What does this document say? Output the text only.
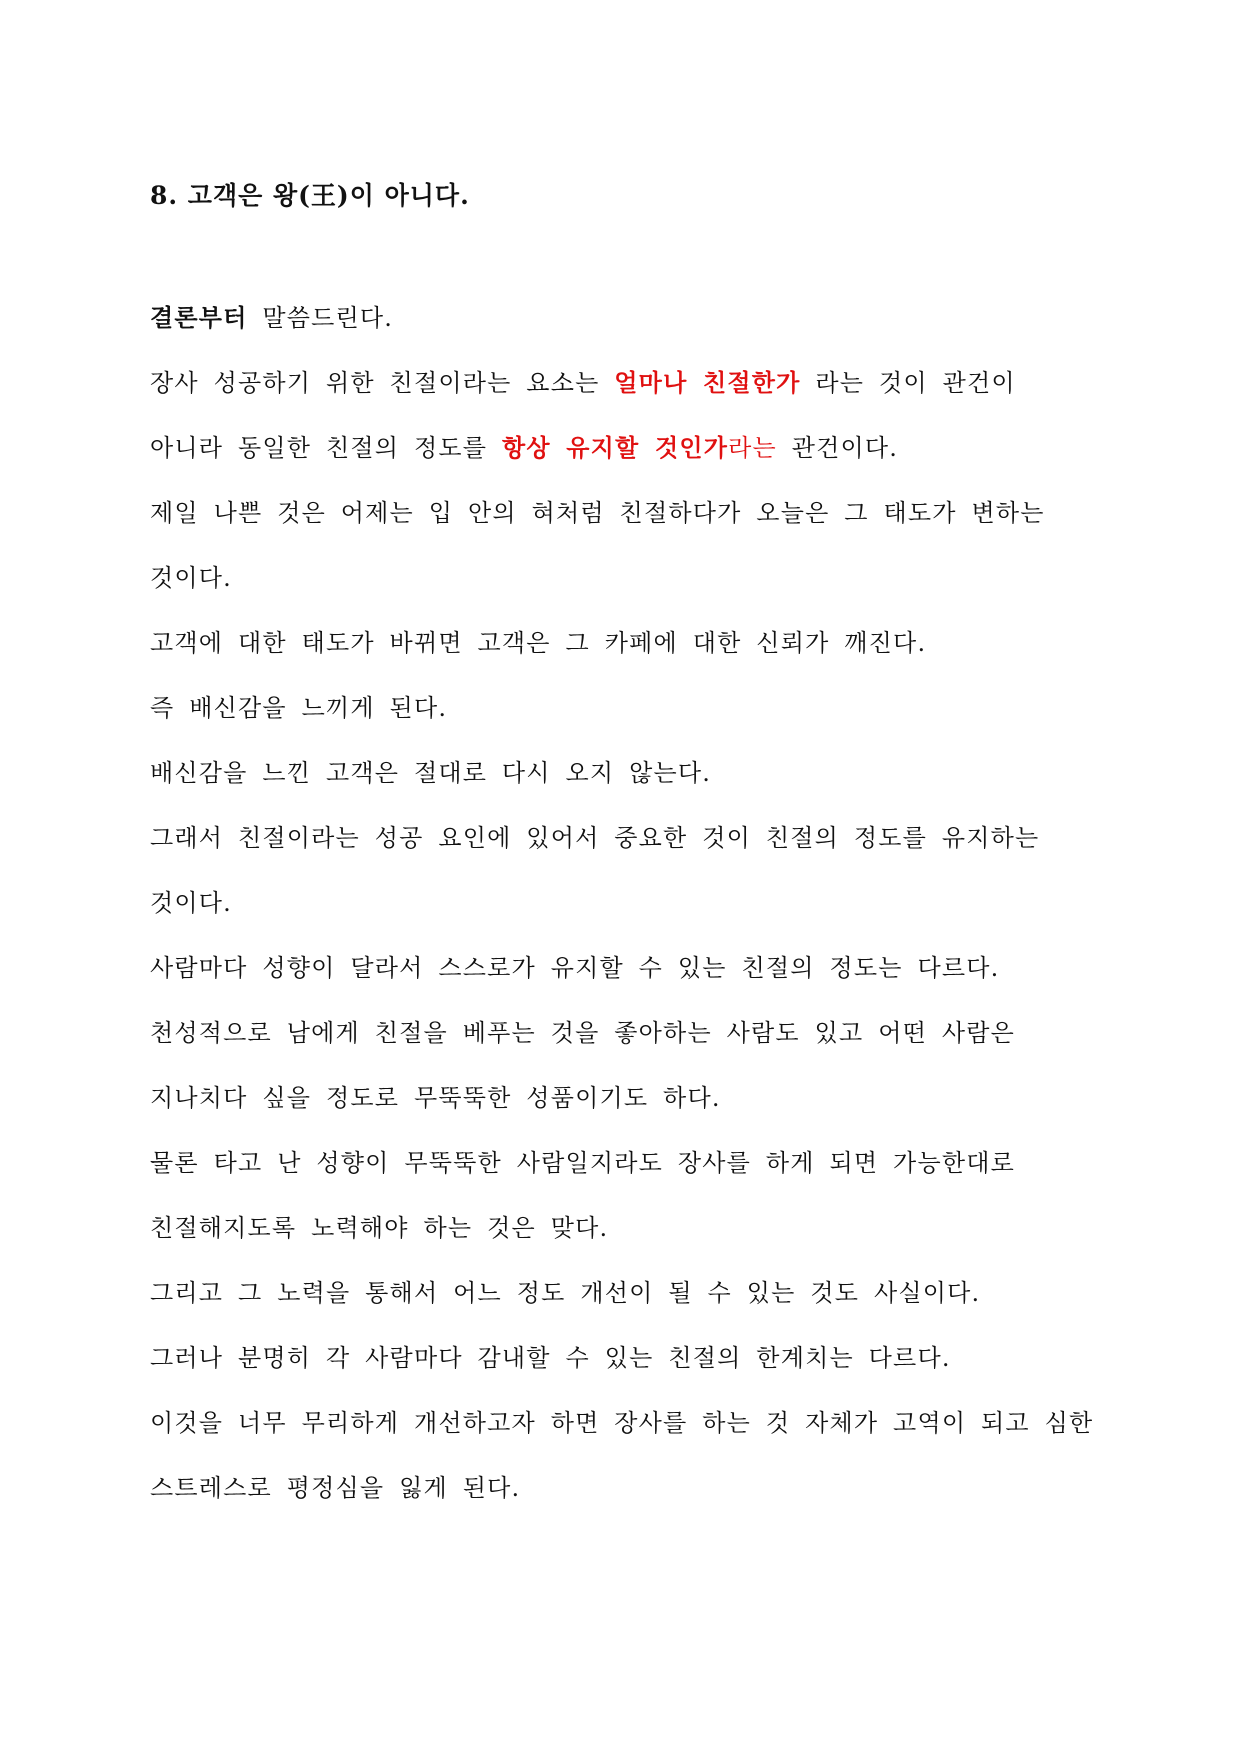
8. 고객은 왕(王)이 아니다.
결론부터 말씀드린다.
장사 성공하기 위한 친절이라는 요소는 얼마나 친절한가 라는 것이 관건이
아니라 동일한 친절의 정도를 항상 유지할 것인가라는 관건이다.
제일 나쁜 것은 어제는 입 안의 혀처럼 친절하다가 오늘은 그 태도가 변하는
것이다.
고객에 대한 태도가 바뀌면 고객은 그 카페에 대한 신뢰가 깨진다.
즉 배신감을 느끼게 된다.
배신감을 느낀 고객은 절대로 다시 오지 않는다.
그래서 친절이라는 성공 요인에 있어서 중요한 것이 친절의 정도를 유지하는
것이다.
사람마다 성향이 달라서 스스로가 유지할 수 있는 친절의 정도는 다르다.
천성적으로 남에게 친절을 베푸는 것을 좋아하는 사람도 있고 어떤 사람은
지나치다 싶을 정도로 무뚝뚝한 성품이기도 하다.
물론 타고 난 성향이 무뚝뚝한 사람일지라도 장사를 하게 되면 가능한대로
친절해지도록 노력해야 하는 것은 맞다.
그리고 그 노력을 통해서 어느 정도 개선이 될 수 있는 것도 사실이다.
그러나 분명히 각 사람마다 감내할 수 있는 친절의 한계치는 다르다.
이것을 너무 무리하게 개선하고자 하면 장사를 하는 것 자체가 고역이 되고 심한
스트레스로 평정심을 잃게 된다.
